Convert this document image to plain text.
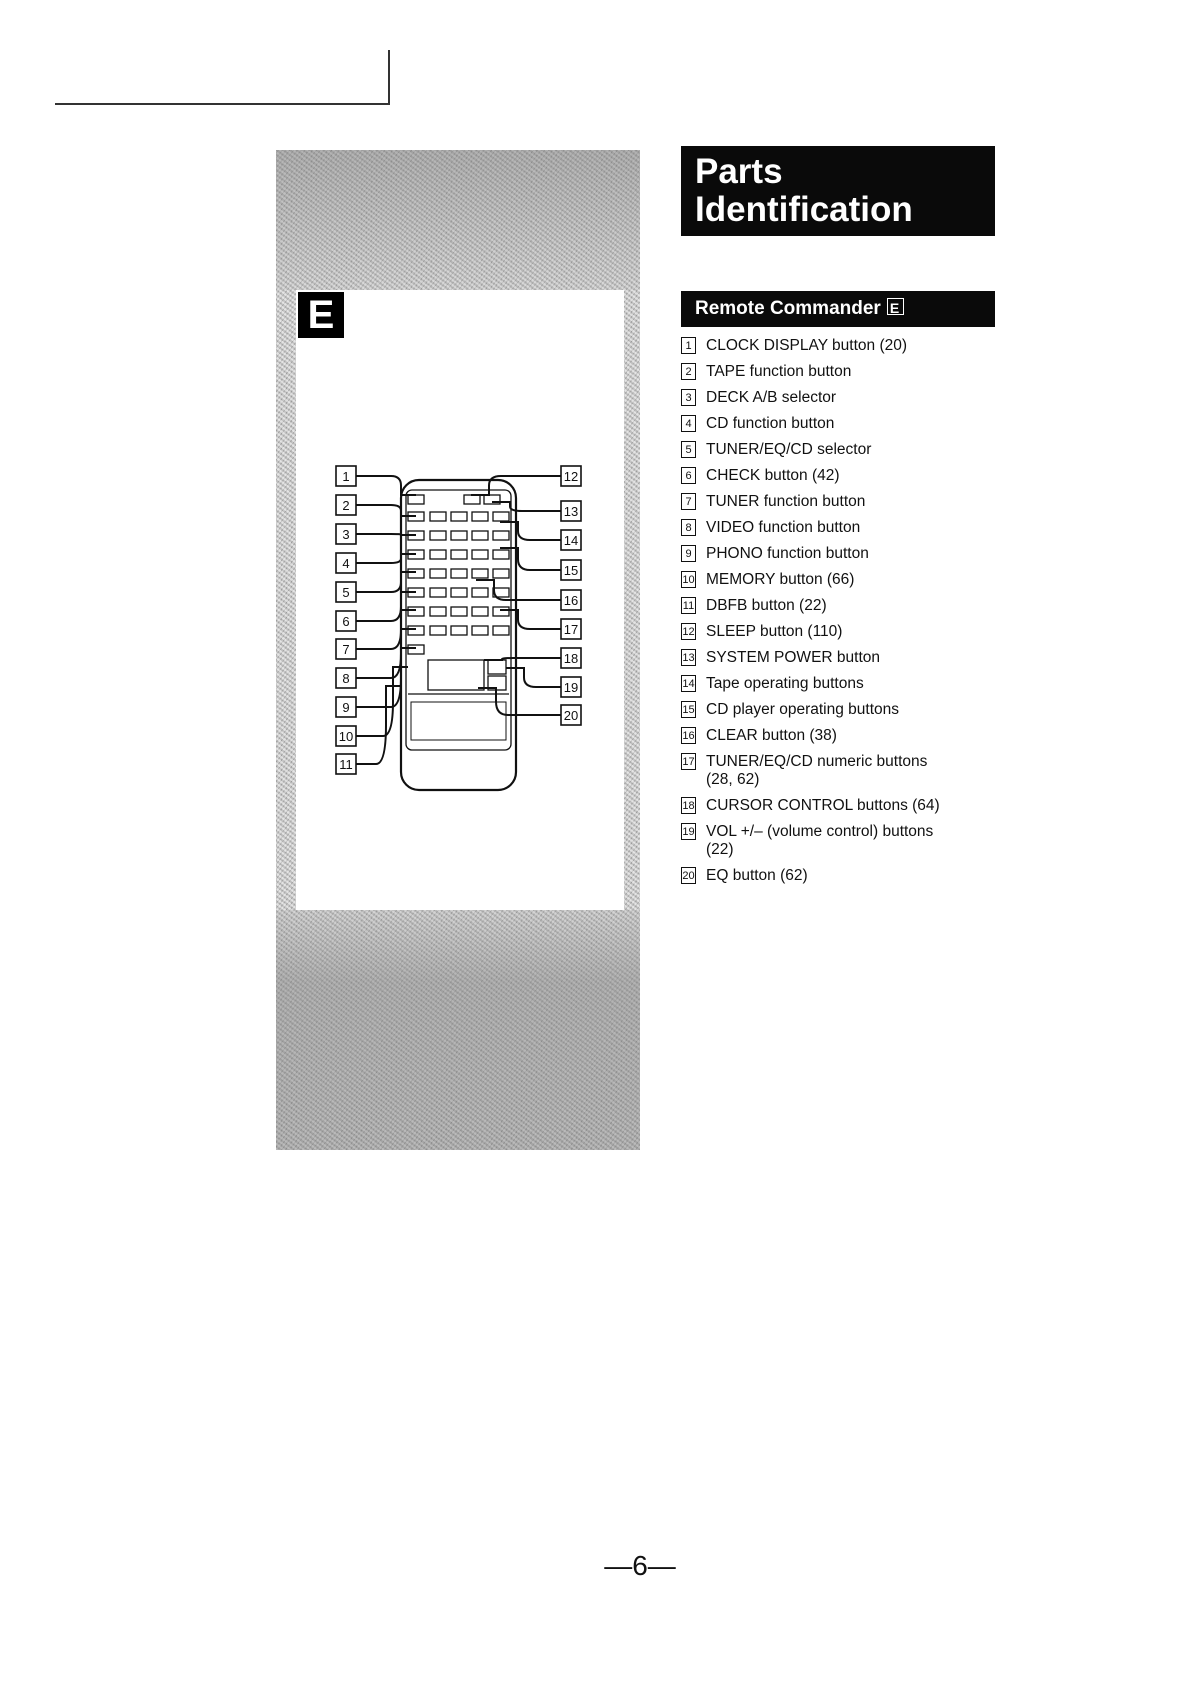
E
1
2
3
4
5
6
7
8
9
10
11
12
13
14
15
16
17
18
19
20
Parts
Identification
Remote CommanderE
1 CLOCK DISPLAY button (20)
2 TAPE function button
3 DECK A/B selector
4 CD function button
5 TUNER/EQ/CD selector
6 CHECK button (42)
7 TUNER function button
8 VIDEO function button
9 PHONO function button
10 MEMORY button (66)
11 DBFB button (22)
12 SLEEP button (110)
13 SYSTEM POWER button
14 Tape operating buttons
15 CD player operating buttons
16 CLEAR button (38)
17 TUNER/EQ/CD numeric buttons
(28, 62)
18 CURSOR CONTROL buttons (64)
19 VOL +/– (volume control) buttons
(22)
20 EQ button (62)
—6—
